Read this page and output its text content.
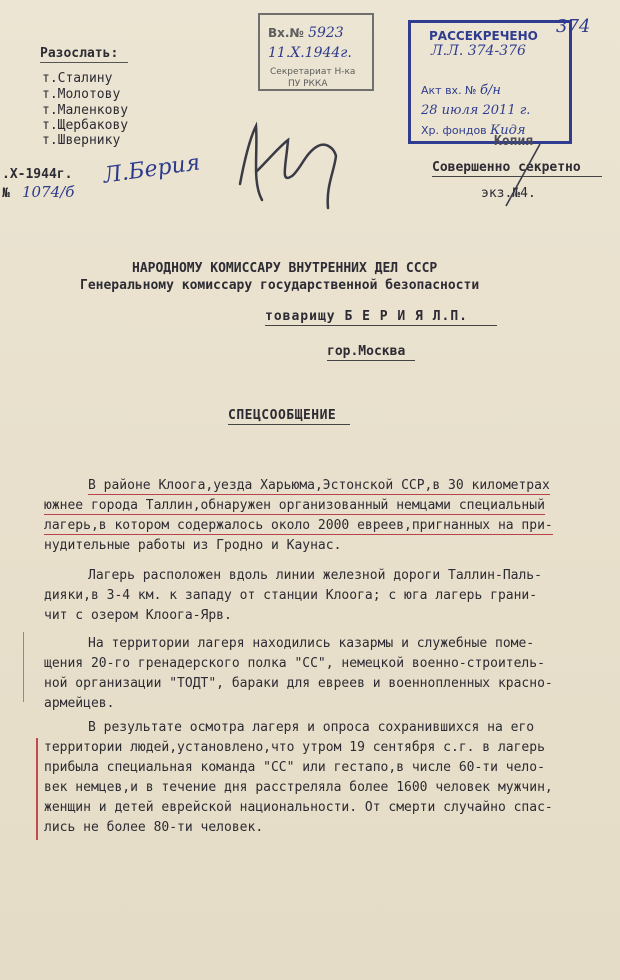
Разослать:
т.Сталину
т.Молотову
т.Маленкову
т.Щербакову
т.Швернику
.X-1944г.
№ 1074/б
Л.Берия
Вх.№ 5923
11.X.1944г.
Секретариат Н-ка
ПУ РККА
РАССЕКРЕЧЕНО
Л.Л. 374-376
Акт вх. № б/н
28 июля 2011 г.
Хр. фондов Кидя
374
Копия
Совершенно секретно
экз.№4.
НАРОДНОМУ КОМИССАРУ ВНУТРЕННИХ ДЕЛ СССР
Генеральному комиссару государственной безопасности
товарищу Б Е Р И Я Л.П.
гор.Москва
СПЕЦСООБЩЕНИЕ

В районе Клоога,уезда Харьюма,Эстонской ССР,в 30 километрах

южнее города Таллин,обнаружен организованный немцами специальный

лагерь,в котором содержалось около 2000 евреев,пригнанных на при-

нудительные работы из Гродно и Каунас.

Лагерь расположен вдоль линии железной дороги Таллин-Паль-

дияки,в 3-4 км. к западу от станции Клоога; с юга лагерь грани-

чит с озером Клоога-Ярв.

На территории лагеря находились казармы и служебные поме-

щения 20-го гренадерского полка "СС", немецкой военно-строитель-

ной организации "ТОДТ", бараки для евреев и военнопленных красно-

армейцев.

В результате осмотра лагеря и опроса сохранившихся на его

территории людей,установлено,что утром 19 сентября с.г. в лагерь

прибыла специальная команда "СС" или гестапо,в числе 60-ти чело-

век немцев,и в течение дня расстреляла более 1600 человек мужчин,

женщин и детей еврейской национальности. От смерти случайно спас-

лись не более 80-ти человек.
